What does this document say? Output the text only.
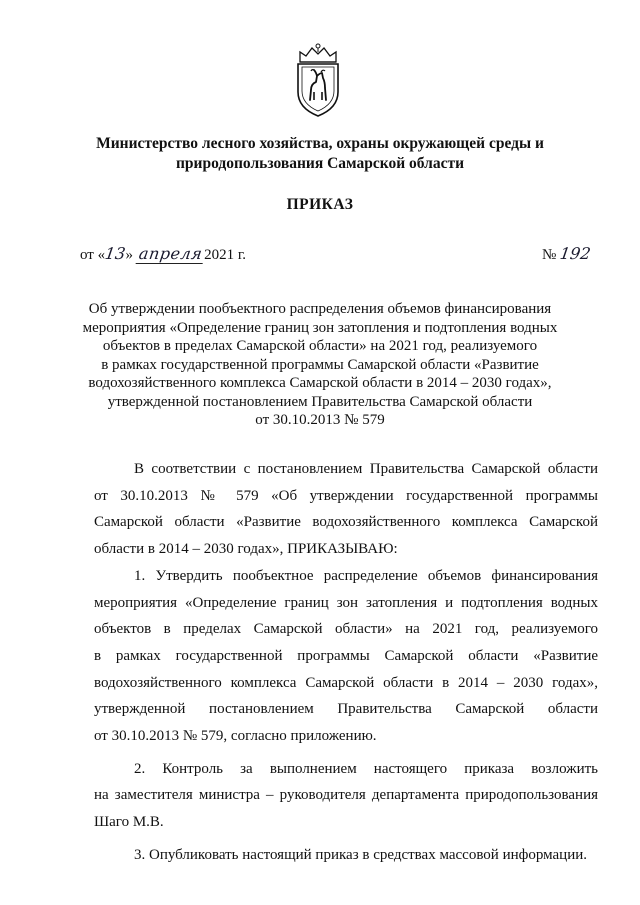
Министерство лесного хозяйства, охраны окружающей среды и
природопользования Самарской области
ПРИКАЗ
от «13» апреля2021 г.	№ 192
Об утверждении пообъектного распределения объемов финансирования
мероприятия «Определение границ зон затопления и подтопления водных
объектов в пределах Самарской области» на 2021 год, реализуемого
в рамках государственной программы Самарской области «Развитие
водохозяйственного комплекса Самарской области в 2014 – 2030 годах»,
утвержденной постановлением Правительства Самарской области
от 30.10.2013 № 579
В соответствии с постановлением Правительства Самарской области
от 30.10.2013 № 579 «Об утверждении государственной программы
Самарской области «Развитие водохозяйственного комплекса Самарской
области в 2014 – 2030 годах», ПРИКАЗЫВАЮ:
1. Утвердить пообъектное распределение объемов финансирования
мероприятия «Определение границ зон затопления и подтопления водных
объектов в пределах Самарской области» на 2021 год, реализуемого
в рамках государственной программы Самарской области «Развитие
водохозяйственного комплекса Самарской области в 2014 – 2030 годах»,
утвержденной постановлением Правительства Самарской области
от 30.10.2013 № 579, согласно приложению.
2. Контроль за выполнением настоящего приказа возложить
на заместителя министра – руководителя департамента природопользования
Шаго М.В.
3. Опубликовать настоящий приказ в средствах массовой информации.
